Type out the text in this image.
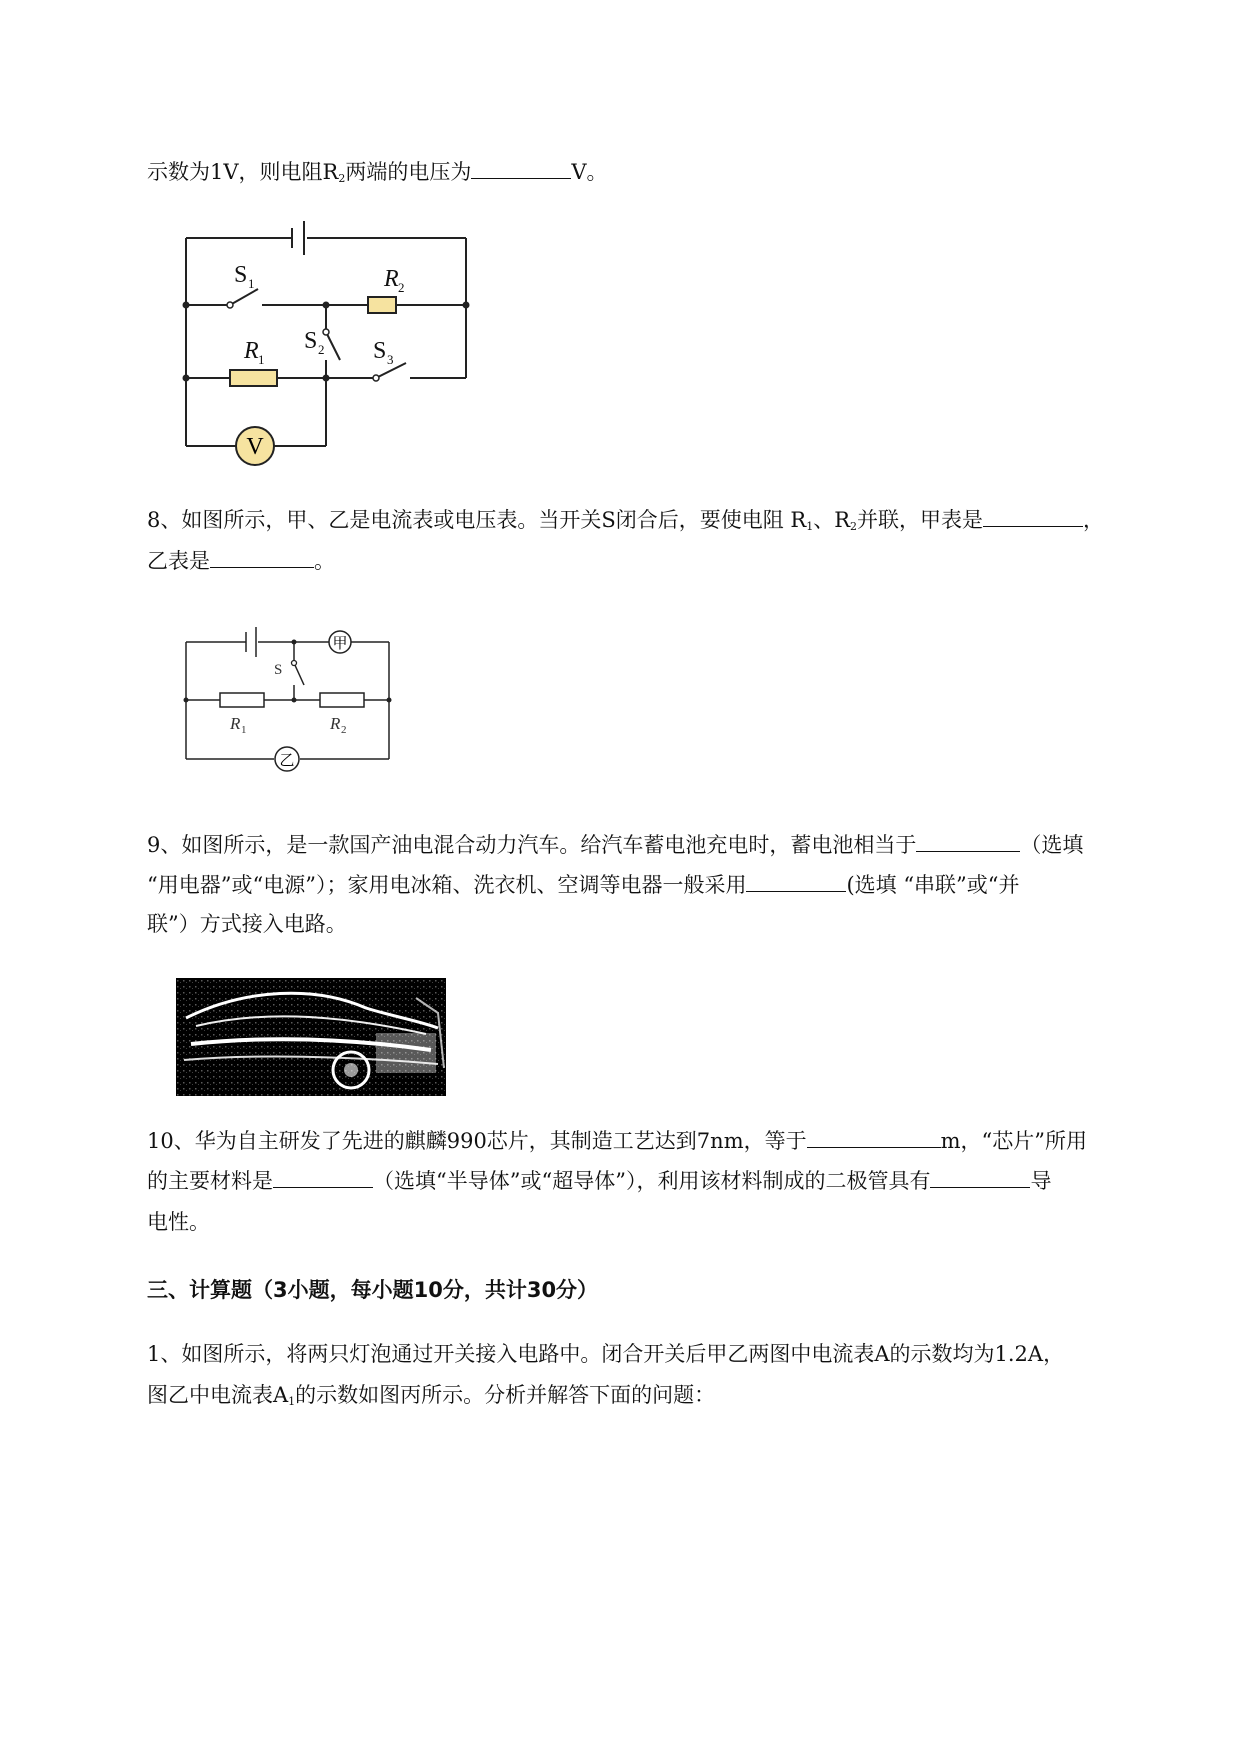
示数为1V，则电阻$R_2$两端的电压为	V。
V
S 1	R 2
S 2 S 3
R 1
8、如图所示，甲、乙是电流表或电压表。当开关S闭合后，要使电阻 $R_1$、$R_2$并联，甲表是	，
乙表是	。
甲
乙
S
R 1	R 2
9、如图所示，是一款国产油电混合动力汽车。给汽车蓄电池充电时，蓄电池相当于	（选填
“用电器”或“电源”）；家用电冰箱、洗衣机、空调等电器一般采用	(选填 “串联”或“并
联”）方式接入电路。
10、华为自主研发了先进的麒麟990芯片，其制造工艺达到7nm，等于	m，“芯片”所用
的主要材料是	（选填“半导体”或“超导体”），利用该材料制成的二极管具有	导
电性。
三、计算题（3小题，每小题10分，共计30分）
1、如图所示，将两只灯泡通过开关接入电路中。闭合开关后甲乙两图中电流表A的示数均为1.2A，
图乙中电流表$A_1$的示数如图丙所示。分析并解答下面的问题：
